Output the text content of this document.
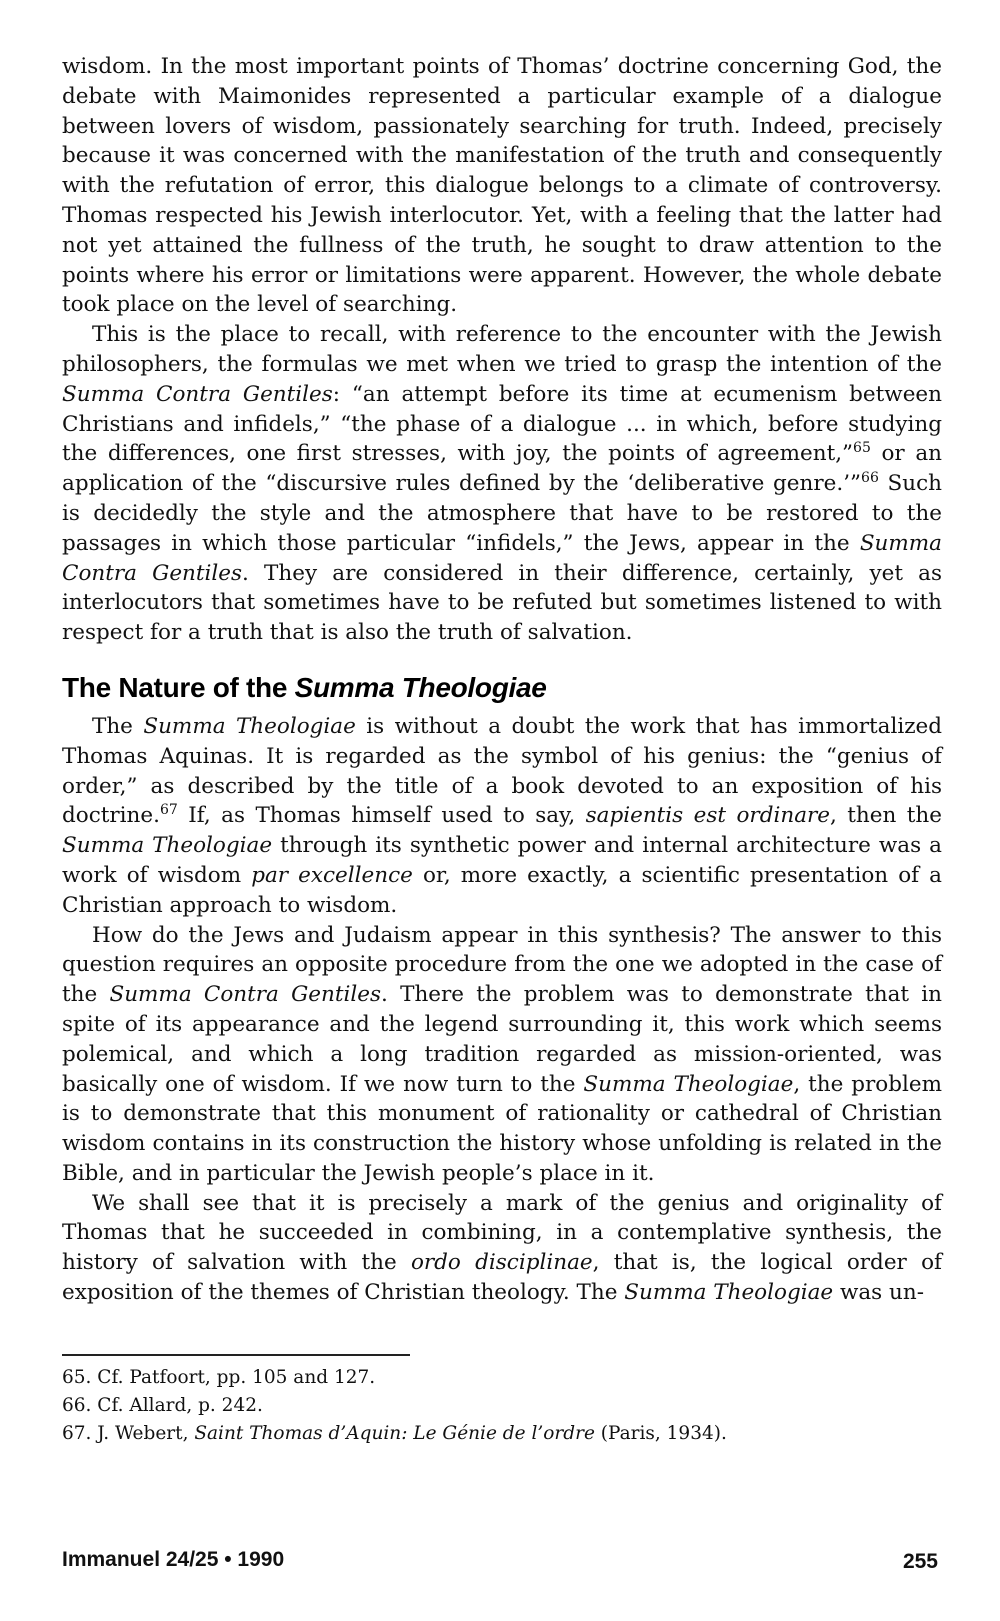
wisdom. In the most important points of Thomas’ doctrine concerning God, the debate with Maimonides represented a particular example of a dialogue between lovers of wisdom, passionately searching for truth. Indeed, precisely because it was concerned with the manifestation of the truth and consequently with the refutation of error, this dialogue belongs to a climate of controversy. Thomas respected his Jewish interlocutor. Yet, with a feeling that the latter had not yet attained the fullness of the truth, he sought to draw attention to the points where his error or limitations were apparent. However, the whole debate took place on the level of searching.

This is the place to recall, with reference to the encounter with the Jewish philosophers, the formulas we met when we tried to grasp the intention of the Summa Contra Gentiles: “an attempt before its time at ecumenism between Christians and infidels,” “the phase of a dialogue ... in which, before studying the differences, one first stresses, with joy, the points of agreement,”$^{65}$ or an application of the “discursive rules defined by the ‘deliberative genre.’”$^{66}$ Such is decidedly the style and the atmosphere that have to be restored to the passages in which those particular “infidels,” the Jews, appear in the Summa Contra Gentiles. They are considered in their difference, certainly, yet as interlocutors that sometimes have to be refuted but sometimes listened to with respect for a truth that is also the truth of salvation.

The Nature of the Summa Theologiae

The Summa Theologiae is without a doubt the work that has immortalized Thomas Aquinas. It is regarded as the symbol of his genius: the “genius of order,” as described by the title of a book devoted to an exposition of his doctrine.$^{67}$ If, as Thomas himself used to say, sapientis est ordinare, then the Summa Theologiae through its synthetic power and internal architecture was a work of wisdom par excellence or, more exactly, a scientific presentation of a Christian approach to wisdom.

How do the Jews and Judaism appear in this synthesis? The answer to this question requires an opposite procedure from the one we adopted in the case of the Summa Contra Gentiles. There the problem was to demonstrate that in spite of its appearance and the legend surrounding it, this work which seems polemical, and which a long tradition regarded as mission-oriented, was basically one of wisdom. If we now turn to the Summa Theologiae, the problem is to demonstrate that this monument of rationality or cathedral of Christian wisdom contains in its construction the history whose unfolding is related in the Bible, and in particular the Jewish people’s place in it.

We shall see that it is precisely a mark of the genius and originality of Thomas that he succeeded in combining, in a contemplative synthesis, the history of salvation with the ordo disciplinae, that is, the logical order of exposition of the themes of Christian theology. The Summa Theologiae was un-

65. Cf. Patfoort, pp. 105 and 127.
66. Cf. Allard, p. 242.
67. J. Webert, Saint Thomas d’Aquin: Le Génie de l’ordre (Paris, 1934).
Immanuel 24/25 • 1990	255
